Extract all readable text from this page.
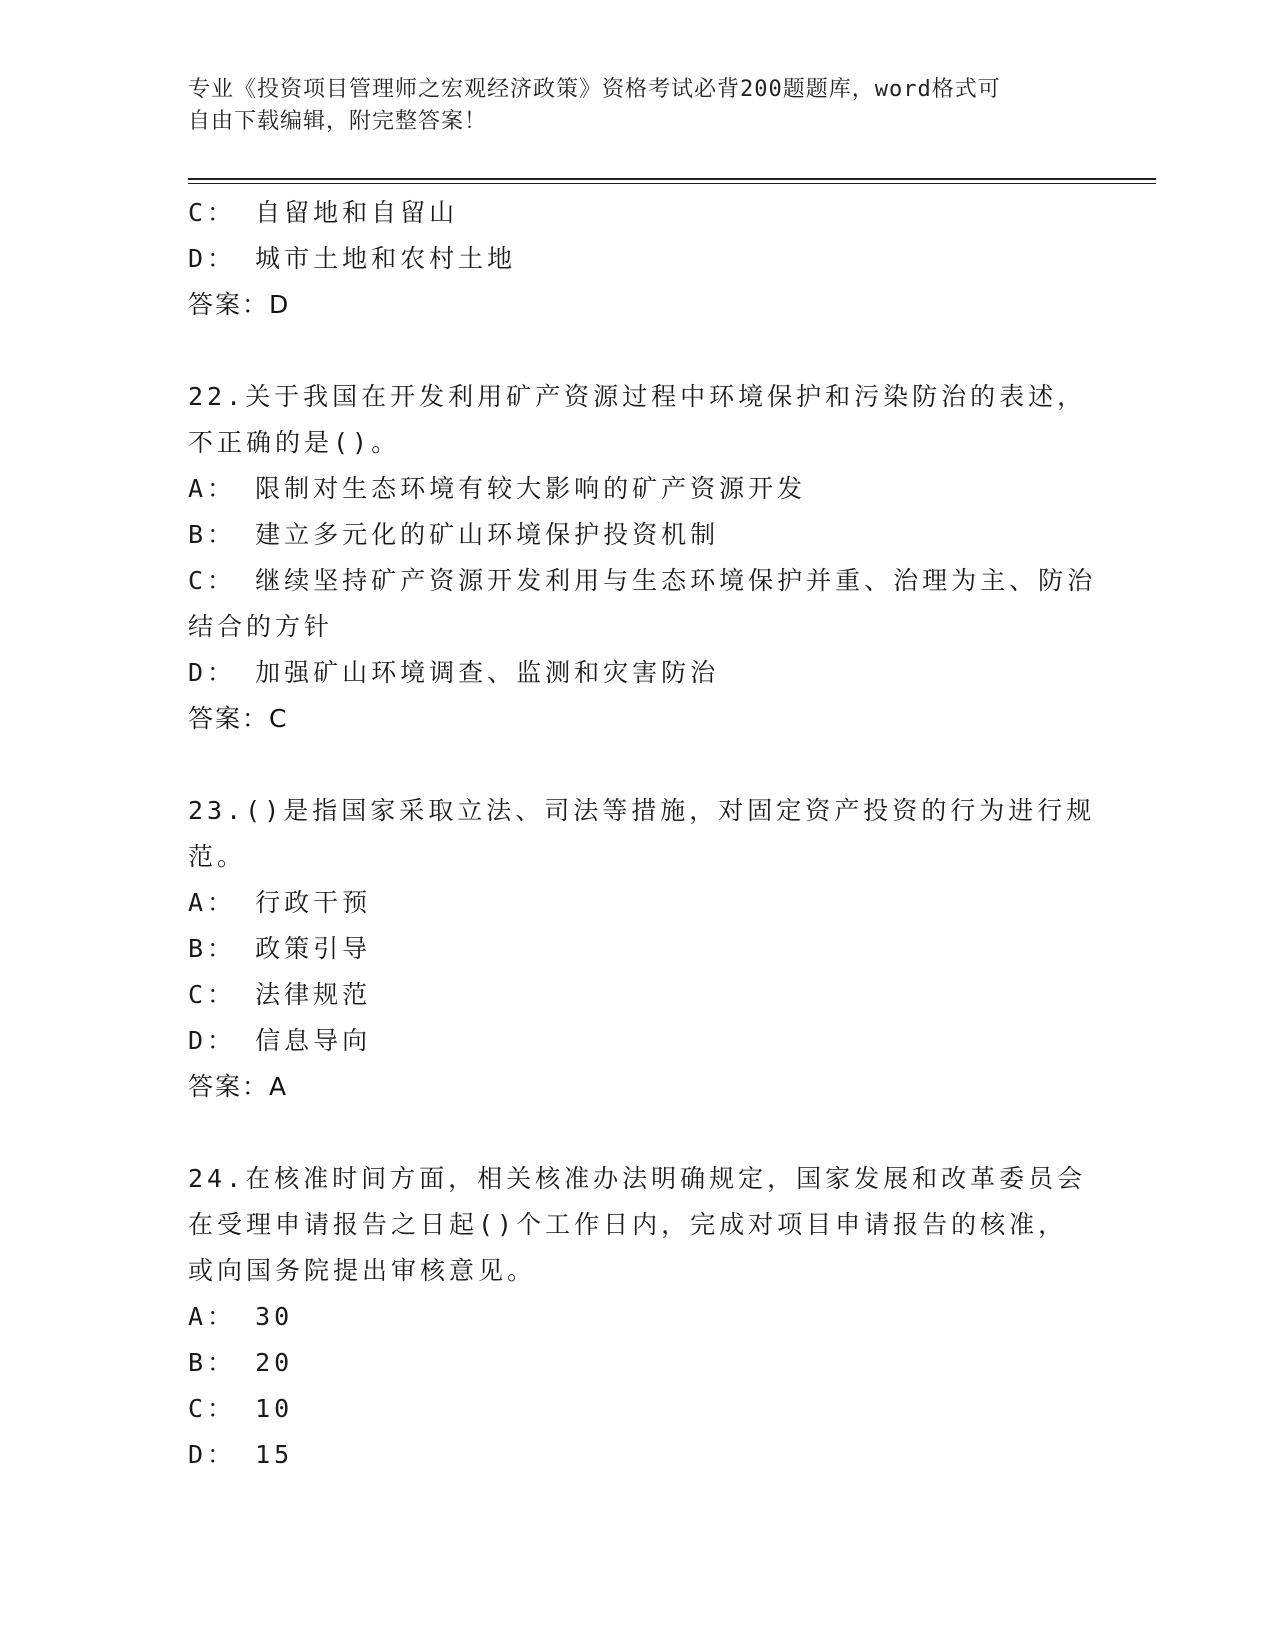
专业《投资项目管理师之宏观经济政策》资格考试必背200题题库，word格式可
自由下载编辑，附完整答案！
C： 自留地和自留山
D： 城市土地和农村土地
答案：D
22.关于我国在开发利用矿产资源过程中环境保护和污染防治的表述，
不正确的是()。
A： 限制对生态环境有较大影响的矿产资源开发
B： 建立多元化的矿山环境保护投资机制
C： 继续坚持矿产资源开发利用与生态环境保护并重、治理为主、防治
结合的方针
D： 加强矿山环境调查、监测和灾害防治
答案：C
23.()是指国家采取立法、司法等措施，对固定资产投资的行为进行规
范。
A： 行政干预
B： 政策引导
C： 法律规范
D： 信息导向
答案：A
24.在核准时间方面，相关核准办法明确规定，国家发展和改革委员会
在受理申请报告之日起()个工作日内，完成对项目申请报告的核准，
或向国务院提出审核意见。
A： 30
B： 20
C： 10
D： 15
